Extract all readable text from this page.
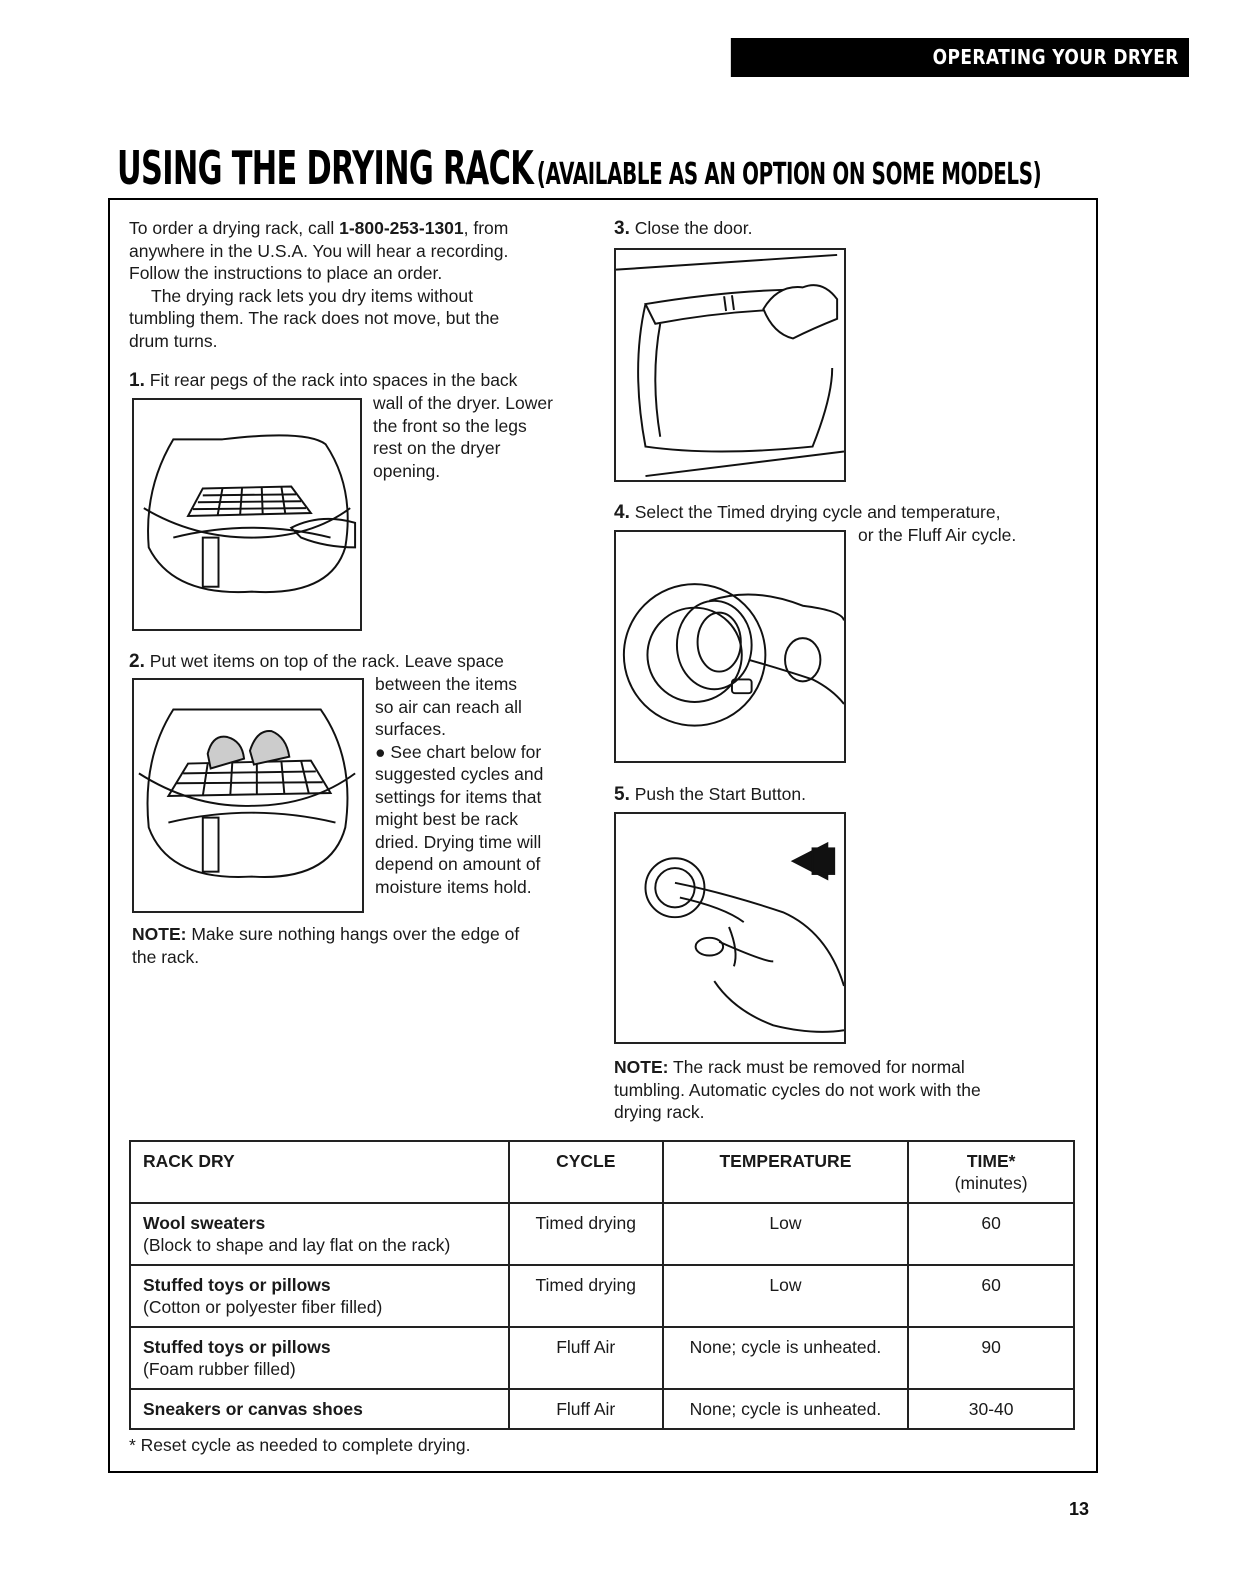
OPERATING YOUR DRYER
USING THE DRYING RACK (AVAILABLE AS AN OPTION ON SOME MODELS)
To order a drying rack, call 1-800-253-1301, from
anywhere in the U.S.A. You will hear a recording.
Follow the instructions to place an order.
The drying rack lets you dry items without
tumbling them. The rack does not move, but the
drum turns.
1. Fit rear pegs of the rack into spaces in the back
wall of the dryer. Lower
the front so the legs
rest on the dryer
opening.
2. Put wet items on top of the rack. Leave space
between the items
so air can reach all
surfaces.
● See chart below for
suggested cycles and
settings for items that
might best be rack
dried. Drying time will
depend on amount of
moisture items hold.
NOTE: Make sure nothing hangs over the edge of
the rack.
3. Close the door.
4. Select the Timed drying cycle and temperature,
or the Fluff Air cycle.
5. Push the Start Button.
NOTE: The rack must be removed for normal
tumbling. Automatic cycles do not work with the
drying rack.
RACK DRY	CYCLE	TEMPERATURE	TIME*
(minutes)

Wool sweaters
(Block to shape and lay flat on the rack)	Timed drying	Low	60

Stuffed toys or pillows
(Cotton or polyester fiber filled)	Timed drying	Low	60

Stuffed toys or pillows
(Foam rubber filled)	Fluff Air	None; cycle is unheated.	90

Sneakers or canvas shoes	Fluff Air	None; cycle is unheated.	30-40
* Reset cycle as needed to complete drying.
13
